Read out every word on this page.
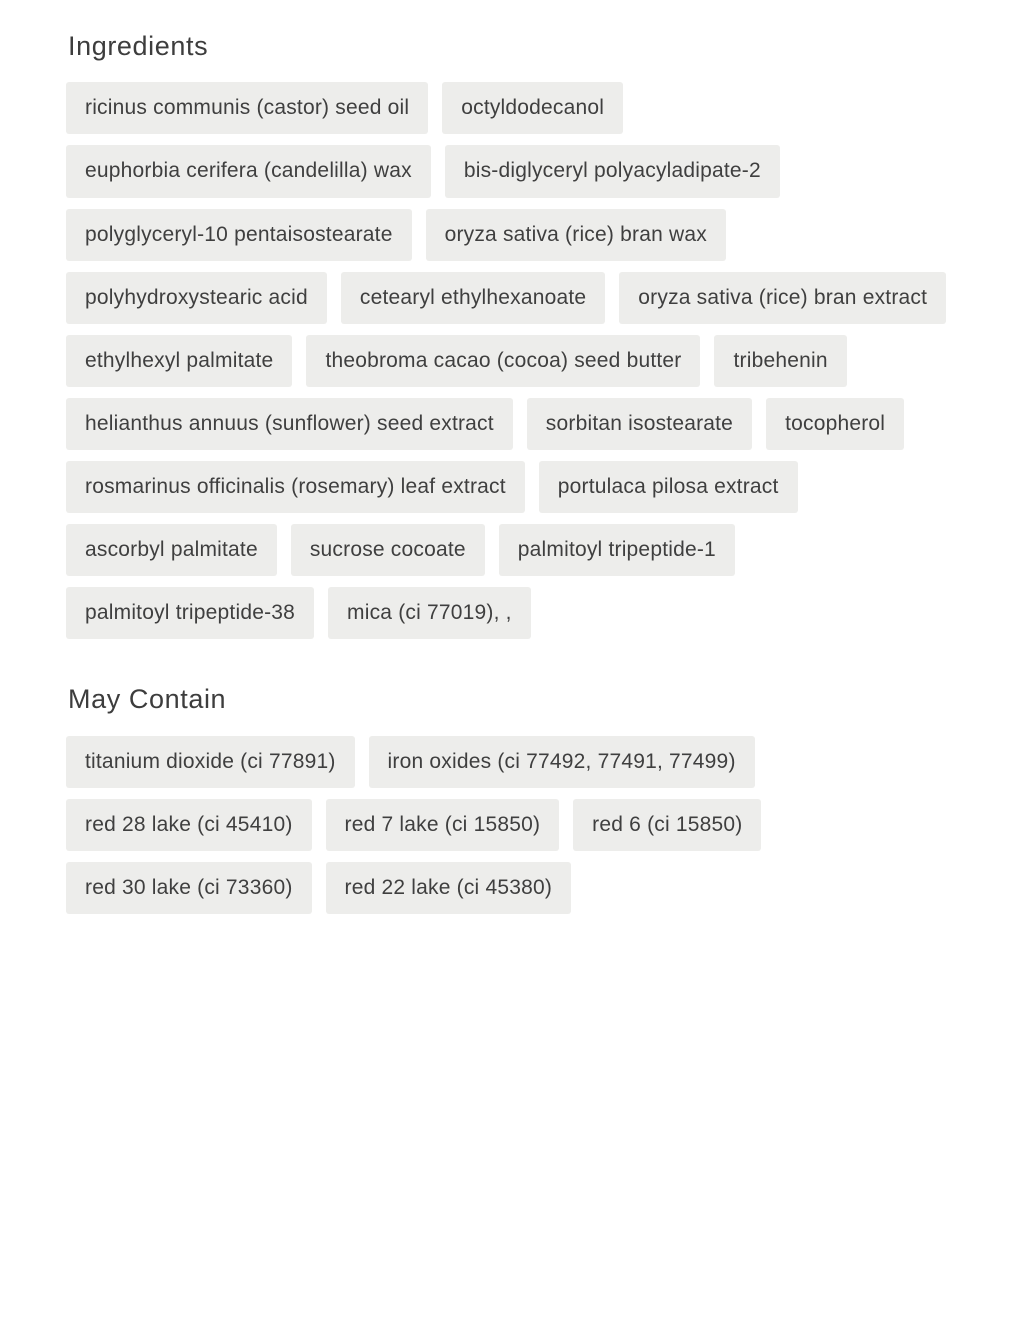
Ingredients
ricinus communis (castor) seed oil	octyldodecanol
euphorbia cerifera (candelilla) wax	bis-diglyceryl polyacyladipate-2
polyglyceryl-10 pentaisostearate	oryza sativa (rice) bran wax
polyhydroxystearic acid	cetearyl ethylhexanoate	oryza sativa (rice) bran extract
ethylhexyl palmitate	theobroma cacao (cocoa) seed butter	tribehenin
helianthus annuus (sunflower) seed extract	sorbitan isostearate	tocopherol
rosmarinus officinalis (rosemary) leaf extract	portulaca pilosa extract
ascorbyl palmitate	sucrose cocoate	palmitoyl tripeptide-1
palmitoyl tripeptide-38	mica (ci 77019), ,
May Contain
titanium dioxide (ci 77891)	iron oxides (ci 77492, 77491, 77499)
red 28 lake (ci 45410)	red 7 lake (ci 15850)	red 6 (ci 15850)
red 30 lake (ci 73360)	red 22 lake (ci 45380)
